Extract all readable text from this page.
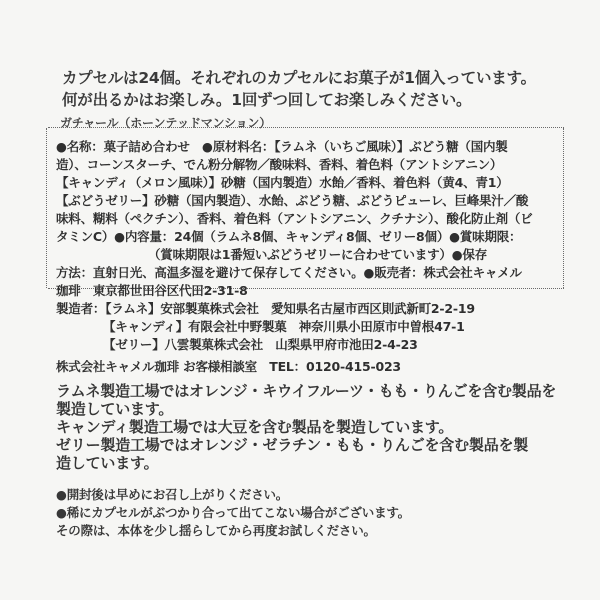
カプセルは24個。それぞれのカプセルにお菓子が1個入っています。
何が出るかはお楽しみ。1回ずつ回してお楽しみください。
ガチャール（ホーンテッドマンション）
●名称：菓子詰め合わせ　●原材料名：【ラムネ（いちご風味）】ぶどう糖（国内製
造）、コーンスターチ、でん粉分解物／酸味料、香料、着色料（アントシアニン）
【キャンディ（メロン風味）】砂糖（国内製造）水飴／香料、着色料（黄4、青1）
【ぶどうゼリー】砂糖（国内製造）、水飴、ぶどう糖、ぶどうピューレ、巨峰果汁／酸
味料、糊料（ペクチン）、香料、着色料（アントシアニン、クチナシ）、酸化防止剤（ビ
タミンC）●内容量：24個（ラムネ8個、キャンディ8個、ゼリー8個）●賞味期限：
（賞味期限は1番短いぶどうゼリーに合わせています）●保存
方法：直射日光、高温多湿を避けて保存してください。●販売者：株式会社キャメル
珈琲　東京都世田谷区代田2-31-8
製造者：【ラムネ】安部製菓株式会社　愛知県名古屋市西区則武新町2-2-19
【キャンディ】有限会社中野製菓　神奈川県小田原市中曽根47-1
【ゼリー】八雲製菓株式会社　山梨県甲府市池田2-4-23
株式会社キャメル珈琲 お客様相談室　TEL：0120-415-023
ラムネ製造工場ではオレンジ・キウイフルーツ・もも・りんごを含む製品を
製造しています。
キャンディ製造工場では大豆を含む製品を製造しています。
ゼリー製造工場ではオレンジ・ゼラチン・もも・りんごを含む製品を製
造しています。
●開封後は早めにお召し上がりください。
●稀にカプセルがぶつかり合って出てこない場合がございます。
その際は、本体を少し揺らしてから再度お試しください。
